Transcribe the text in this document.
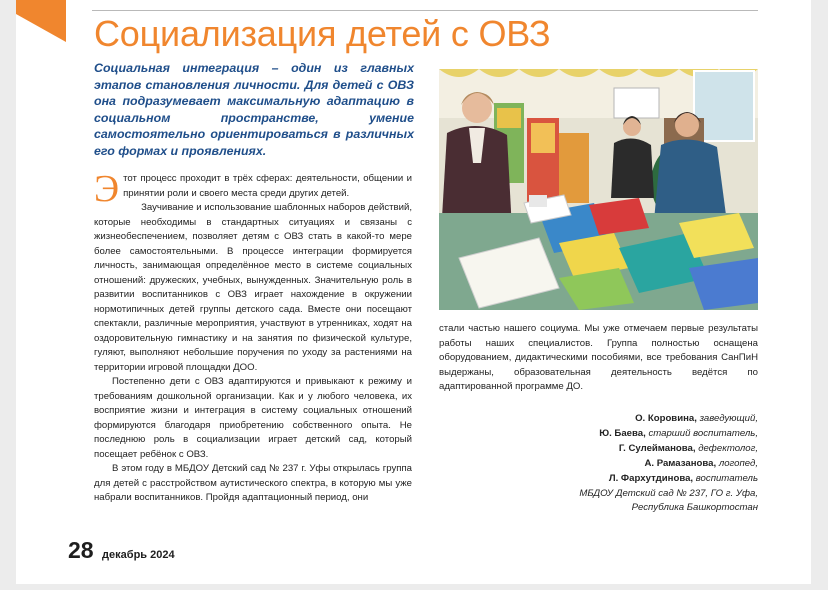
Социализация детей с ОВЗ
Социальная интеграция – один из главных этапов становления личности. Для детей с ОВЗ она подразумевает максимальную адаптацию в социальном пространстве, умение самостоятельно ориентироваться в различных его формах и проявлениях.

Этот процесс проходит в трёх сферах: деятельности, общении и принятии роли и своего места среди других детей.

Заучивание и использование шаблонных наборов действий, которые необходимы в стандартных ситуациях и связаны с жизнеобеспечением, позволяет детям с ОВЗ стать в какой-то мере более самостоятельными. В процессе интеграции формируется личность, занимающая определённое место в системе социальных отношений: дружеских, учебных, вынужденных. Значительную роль в развитии воспитанников с ОВЗ играет нахождение в окружении нормотипичных детей группы детского сада. Вместе они посещают спектакли, различные мероприятия, участвуют в утренниках, ходят на оздоровительную гимнастику и на занятия по физической культуре, гуляют, выполняют небольшие поручения по уходу за растениями на территории игровой площадки ДОО.

Постепенно дети с ОВЗ адаптируются и привыкают к режиму и требованиям дошкольной организации. Как и у любого человека, их восприятие жизни и интеграция в систему социальных отношений формируются благодаря приобретению собственного опыта. Не последнюю роль в социализации играет детский сад, который посещает ребёнок с ОВЗ.

В этом году в МБДОУ Детский сад № 237 г. Уфы открылась группа для детей с расстройством аутистического спектра, в которую мы уже набрали воспитанников. Пройдя адаптационный период, они

стали частью нашего социума. Мы уже отмечаем первые результаты работы наших специалистов. Группа полностью оснащена оборудованием, дидактическими пособиями, все требования СанПиН выдержаны, образовательная деятельность ведётся по адаптированной программе ДО.

О. Коровина, заведующий,
Ю. Баева, старший воспитатель,
Г. Сулейманова, дефектолог,
А. Рамазанова, логопед,
Л. Фархутдинова, воспитатель
МБДОУ Детский сад № 237, ГО г. Уфа,
Республика Башкортостан
28 декабрь 2024
